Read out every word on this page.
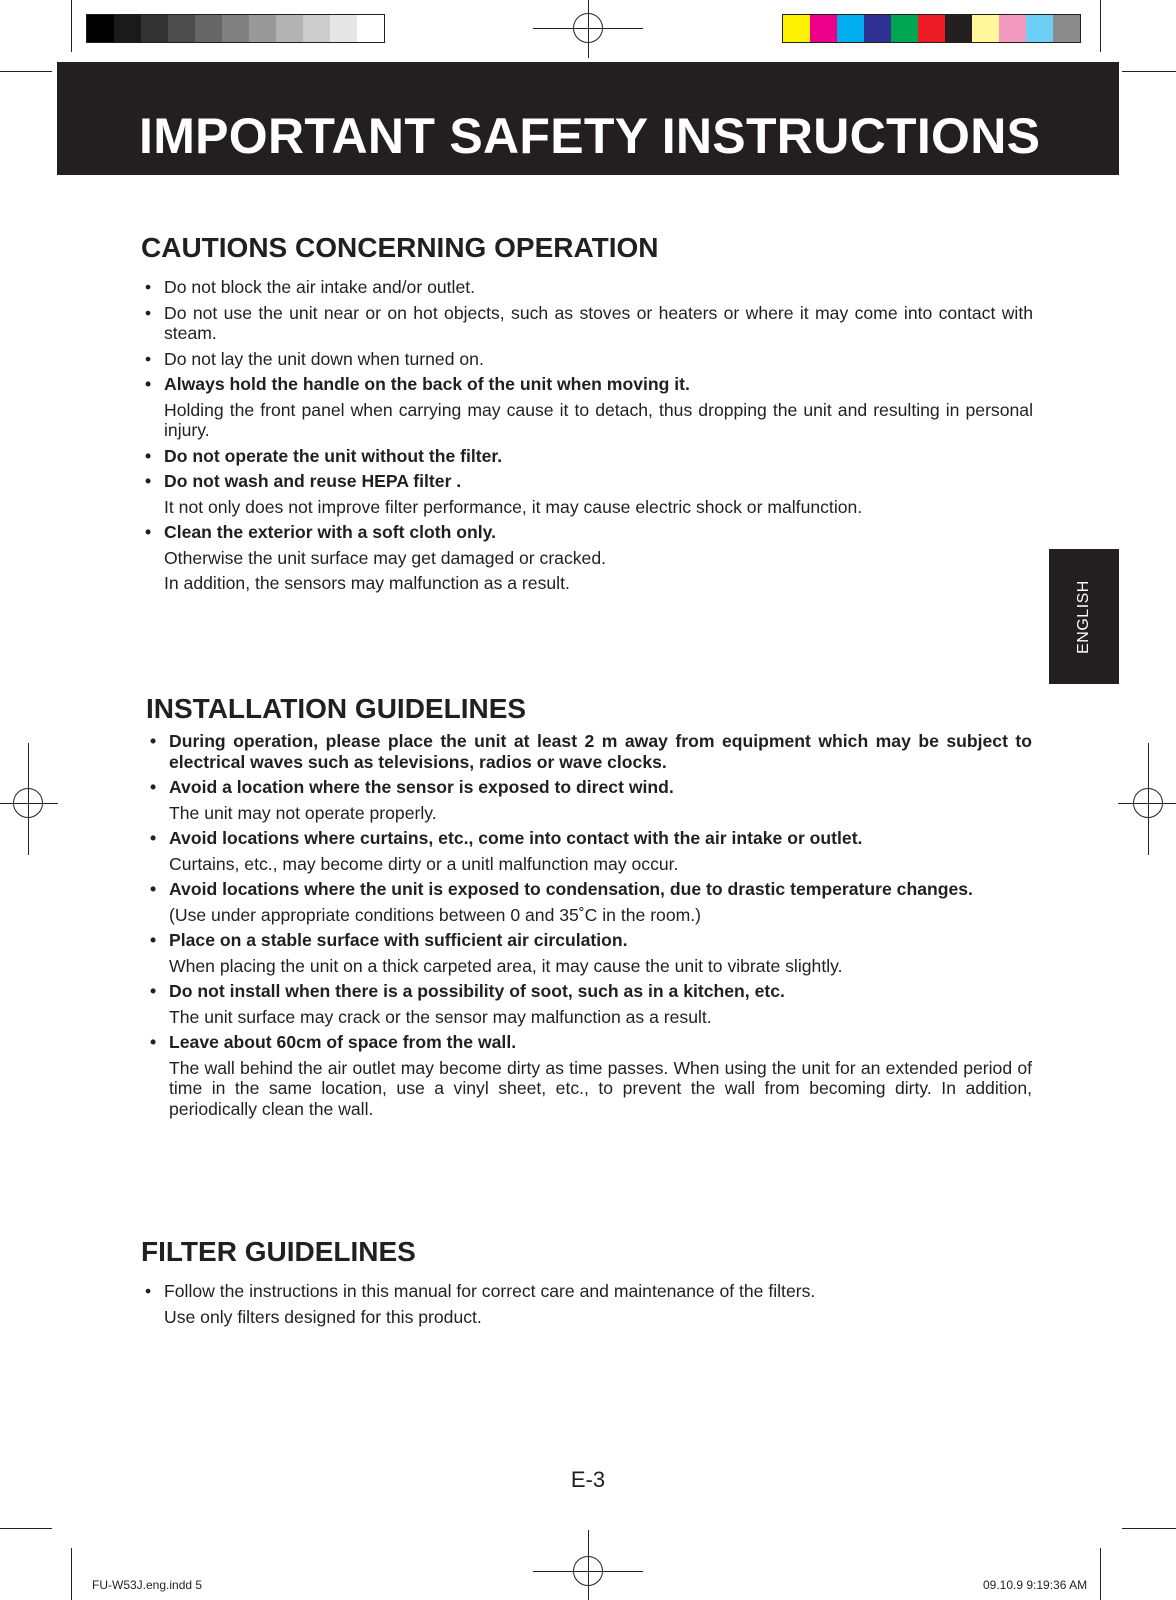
IMPORTANT SAFETY INSTRUCTIONS
ENGLISH
CAUTIONS CONCERNING OPERATION
• Do not block the air intake and/or outlet.
• Do not use the unit near or on hot objects, such as stoves or heaters or where it may come into contact with steam.
• Do not lay the unit down when turned on.
• Always hold the handle on the back of the unit when moving it.
Holding the front panel when carrying may cause it to detach, thus dropping the unit and resulting in personal injury.
• Do not operate the unit without the filter.
• Do not wash and reuse HEPA filter .
It not only does not improve filter performance, it may cause electric shock or malfunction.
• Clean the exterior with a soft cloth only.
Otherwise the unit surface may get damaged or cracked.
In addition, the sensors may malfunction as a result.
INSTALLATION GUIDELINES
• During operation, please place the unit at least 2 m away from equipment which may be subject to electrical waves such as televisions, radios or wave clocks.
• Avoid a location where the sensor is exposed to direct wind.
The unit may not operate properly.
• Avoid locations where curtains, etc., come into contact with the air intake or outlet.
Curtains, etc., may become dirty or a unitl malfunction may occur.
• Avoid locations where the unit is exposed to condensation, due to drastic temperature changes.
(Use under appropriate conditions between 0 and 35˚C in the room.)
• Place on a stable surface with sufficient air circulation.
When placing the unit on a thick carpeted area, it may cause the unit to vibrate slightly.
• Do not install when there is a possibility of soot, such as in a kitchen, etc.
The unit surface may crack or the sensor may malfunction as a result.
• Leave about 60cm of space from the wall.
The wall behind the air outlet may become dirty as time passes. When using the unit for an extended period of time in the same location, use a vinyl sheet, etc., to prevent the wall from becoming dirty. In addition, periodically clean the wall.
FILTER GUIDELINES
• Follow the instructions in this manual for correct care and maintenance of the filters.
Use only filters designed for this product.
E-3
FU-W53J.eng.indd 5	09.10.9 9:19:36 AM
